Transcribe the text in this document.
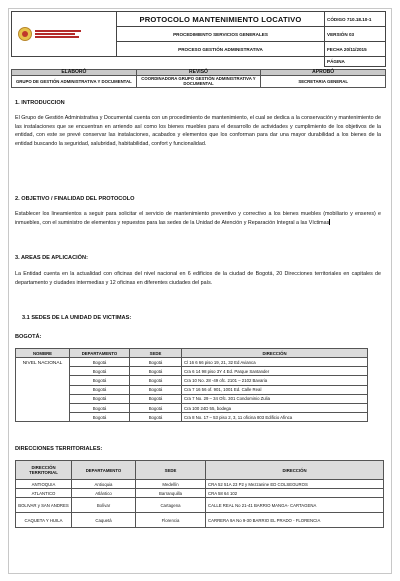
	PROTOCOLO MANTENIMIENTO LOCATIVO	CÓDIGO 710.18.10-1
	PROCEDIMIENTO SERVICIOS GENERALES	VERSIÓN 03
	PROCESO GESTIÓN ADMINISTRATIVA	FECHA 20/11/2015
		PÁGINA
ELABORÓ	REVISÓ	APROBÓ
GRUPO DE GESTIÓN ADMINISTRATIVA Y DOCUMENTAL	COORDINADORA GRUPO GESTIÓN ADMINISTRATIVA Y DOCUMENTAL	SECRETARIA GENERAL
1. INTRODUCCION
El Grupo de Gestión Administrativa y Documental cuenta con un procedimiento de mantenimiento, el cual se dedica a la conservación y mantenimiento de las instalaciones que se encuentran en arriendo así como los bienes muebles para el desarrollo de actividades y cumplimiento de los objetivos de la entidad, con este se prevé conservar las instalaciones, acabados y elementos que los conforman para dar una mayor durabilidad a los bienes de la entidad buscando la seguridad, salubridad, habitabilidad, confort y funcionalidad.
2. OBJETIVO / FINALIDAD DEL PROTOCOLO
Establecer los lineamientos a seguir para solicitar el servicio de mantenimiento preventivo y correctivo a los bienes muebles (mobiliario y enseres) e inmuebles, con el suministro de elementos y repuestos para las sedes de la Unidad de Atención y Reparación Integral a las Víctimas
3. AREAS DE APLICACIÓN:
La Entidad cuenta en la actualidad con oficinas del nivel nacional en 6 edificios de la ciudad de Bogotá, 20 Direcciones territoriales en capitales de departamento y ciudades intermedias y 12 oficinas en diferentes ciudades del país.
3.1 SEDES DE LA UNIDAD DE VICTIMAS:
BOGOTÁ:
NOMBRE	DEPARTAMENTO	SEDE	DIRECCIÓN
NIVEL NACIONAL	Bogotá	Bogotá	Cl 16 6 66 piso 19, 21, 32 Ed Avianca
	Bogotá	Bogotá	Cra 6 14 98 piso 3Y 4 Ed. Parque Santander
	Bogotá	Bogotá	Cra 10 No. 28 -49 ofc. 2101 – 2102 Bavaria
	Bogotá	Bogotá	Cra 7 16 56 of. 901, 1001 Ed. Calle Real
	Bogotá	Bogotá	Cra 7 No. 29 – 34 Ofc. 301 Condominio Zulia
	Bogotá	Bogotá	Cra 100 24D 55, bodega
	Bogotá	Bogotá	Cra 8 No. 17 – 53 piso 2, 3, 11 oficina 803 Edificio Afinca
DIRECCIONES TERRITORIALES:
DIRECCIÓN TERRITORIAL	DEPARTAMENTO	SEDE	DIRECCIÓN
ANTIOQUIA	Antioquia	Medellín	CRA 52 51A 23 P2 y Mezzanine ED COLSEGUROS
ATLANTICO	Atlántico	Barranquilla	CRA 58 64 102
BOLIVAR y SAN ANDRES	Bolívar	Cartagena	CALLE REAL No 21-41 BARRIO MANGA- CARTAGENA
CAQUETA Y HUILA	Caquetá	Florencia	CARRERA 9A No 9-30 BARRIO EL PRADO - FLORENCIA
